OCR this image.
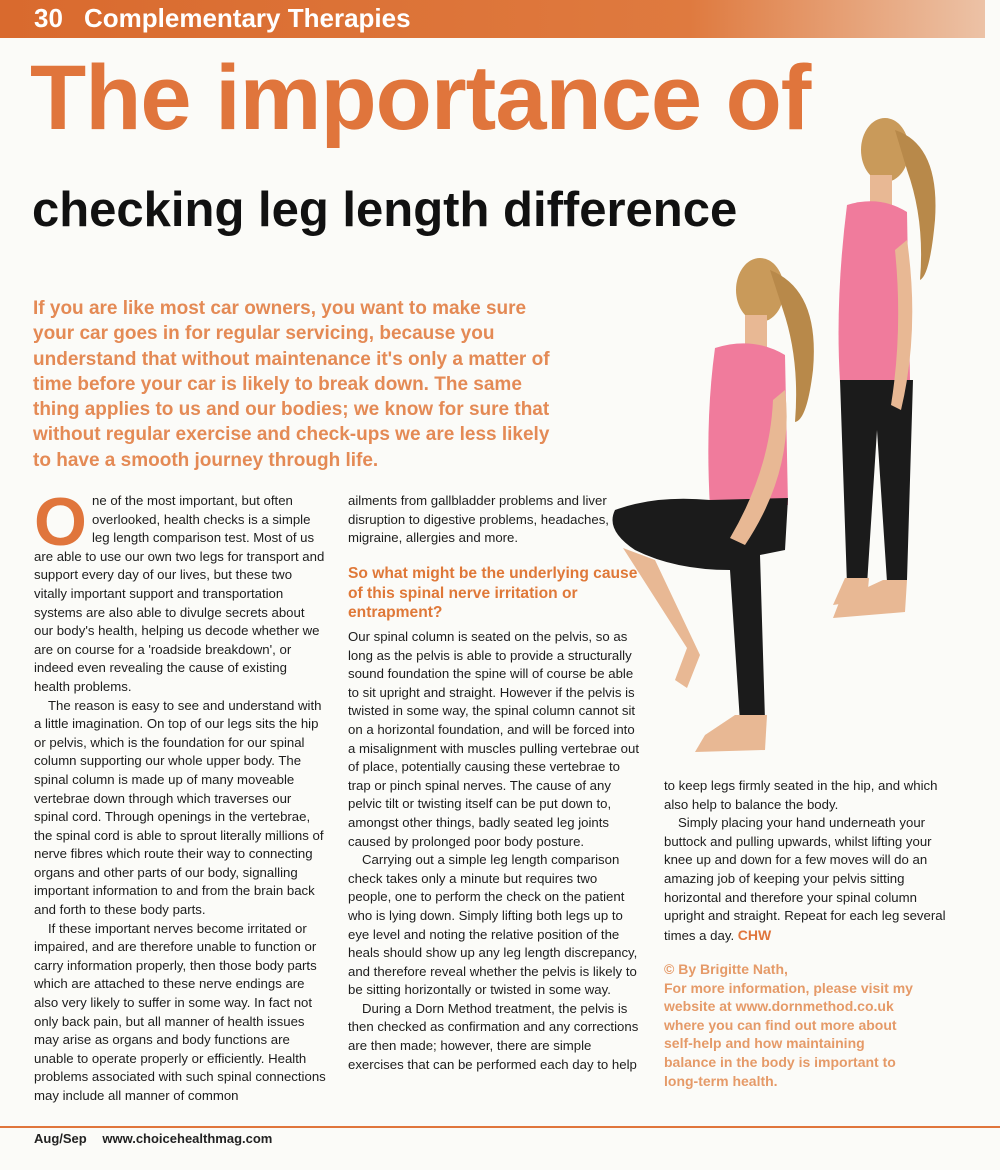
30 Complementary Therapies
The importance of
checking leg length difference
If you are like most car owners, you want to make sure
your car goes in for regular servicing, because you
understand that without maintenance it's only a matter of
time before your car is likely to break down. The same
thing applies to us and our bodies; we know for sure that
without regular exercise and check-ups we are less likely
to have a smooth journey through life.

O ne of the most important, but often overlooked, health checks is a simple leg length comparison test. Most of us are able to use our own two legs for transport and support every day of our lives, but these two vitally important support and transportation systems are also able to divulge secrets about our body's health, helping us decode whether we are on course for a 'roadside breakdown', or indeed even revealing the cause of existing health problems.

The reason is easy to see and understand with a little imagination. On top of our legs sits the hip or pelvis, which is the foundation for our spinal column supporting our whole upper body. The spinal column is made up of many moveable vertebrae down through which traverses our spinal cord. Through openings in the vertebrae, the spinal cord is able to sprout literally millions of nerve fibres which route their way to connecting organs and other parts of our body, signalling important information to and from the brain back and forth to these body parts.

If these important nerves become irritated or impaired, and are therefore unable to function or carry information properly, then those body parts which are attached to these nerve endings are also very likely to suffer in some way. In fact not only back pain, but all manner of health issues may arise as organs and body functions are unable to operate properly or efficiently. Health problems associated with such spinal connections may include all manner of common

ailments from gallbladder problems and liver disruption to digestive problems, headaches, migraine, allergies and more.

So what might be the underlying cause of this spinal nerve irritation or entrapment?

Our spinal column is seated on the pelvis, so as long as the pelvis is able to provide a structurally sound foundation the spine will of course be able to sit upright and straight. However if the pelvis is twisted in some way, the spinal column cannot sit on a horizontal foundation, and will be forced into a misalignment with muscles pulling vertebrae out of place, potentially causing these vertebrae to trap or pinch spinal nerves. The cause of any pelvic tilt or twisting itself can be put down to, amongst other things, badly seated leg joints caused by prolonged poor body posture.

Carrying out a simple leg length comparison check takes only a minute but requires two people, one to perform the check on the patient who is lying down. Simply lifting both legs up to eye level and noting the relative position of the heals should show up any leg length discrepancy, and therefore reveal whether the pelvis is likely to be sitting horizontally or twisted in some way.

During a Dorn Method treatment, the pelvis is then checked as confirmation and any corrections are then made; however, there are simple exercises that can be performed each day to help

to keep legs firmly seated in the hip, and which also help to balance the body.

Simply placing your hand underneath your buttock and pulling upwards, whilst lifting your knee up and down for a few moves will do an amazing job of keeping your pelvis sitting horizontal and therefore your spinal column upright and straight. Repeat for each leg several times a day. CHW

© By Brigitte Nath,
For more information, please visit my
website at www.dornmethod.co.uk
where you can find out more about
self-help and how maintaining
balance in the body is important to
long-term health.
Aug/Sep www.choicehealthmag.com
